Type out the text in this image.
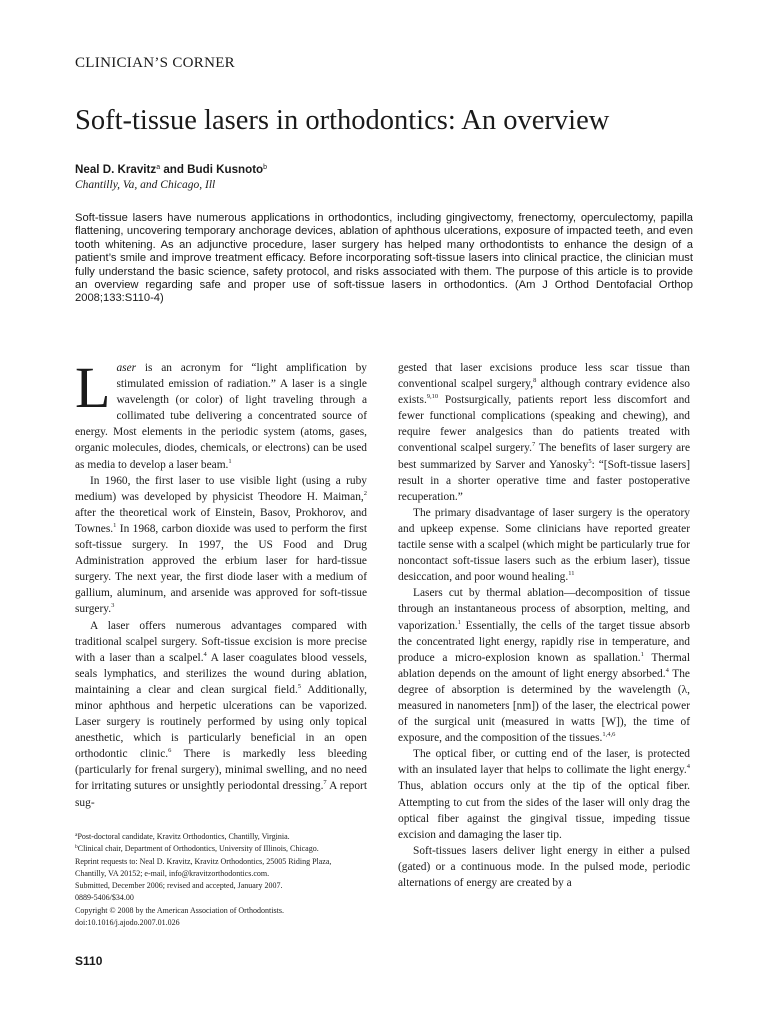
CLINICIAN’S CORNER
Soft-tissue lasers in orthodontics: An overview
Neal D. Kravitz$^a$ and Budi Kusnoto$^b$
Chantilly, Va, and Chicago, Ill

Soft-tissue lasers have numerous applications in orthodontics, including gingivectomy, frenectomy, operculectomy, papilla flattening, uncovering temporary anchorage devices, ablation of aphthous ulcerations, exposure of impacted teeth, and even tooth whitening. As an adjunctive procedure, laser surgery has helped many orthodontists to enhance the design of a patient’s smile and improve treatment efficacy. Before incorporating soft-tissue lasers into clinical practice, the clinician must fully understand the basic science, safety protocol, and risks associated with them. The purpose of this article is to provide an overview regarding safe and proper use of soft-tissue lasers in orthodontics. (Am J Orthod Dentofacial Orthop 2008;133:S110-4)

Laser is an acronym for “light amplification by stimulated emission of radiation.” A laser is a single wavelength (or color) of light traveling through a collimated tube delivering a concentrated source of energy. Most elements in the periodic system (atoms, gases, organic molecules, diodes, chemicals, or electrons) can be used as media to develop a laser beam.$^1$

In 1960, the first laser to use visible light (using a ruby medium) was developed by physicist Theodore H. Maiman,$^2$ after the theoretical work of Einstein, Basov, Prokhorov, and Townes.$^1$ In 1968, carbon dioxide was used to perform the first soft-tissue surgery. In 1997, the US Food and Drug Administration approved the erbium laser for hard-tissue surgery. The next year, the first diode laser with a medium of gallium, aluminum, and arsenide was approved for soft-tissue surgery.$^3$

A laser offers numerous advantages compared with traditional scalpel surgery. Soft-tissue excision is more precise with a laser than a scalpel.$^4$ A laser coagulates blood vessels, seals lymphatics, and sterilizes the wound during ablation, maintaining a clear and clean surgical field.$^5$ Additionally, minor aphthous and herpetic ulcerations can be vaporized. Laser surgery is routinely performed by using only topical anesthetic, which is particularly beneficial in an open orthodontic clinic.$^6$ There is markedly less bleeding (particularly for frenal surgery), minimal swelling, and no need for irritating sutures or unsightly periodontal dressing.$^7$ A report sug-

gested that laser excisions produce less scar tissue than conventional scalpel surgery,$^8$ although contrary evidence also exists.$^{9,10}$ Postsurgically, patients report less discomfort and fewer functional complications (speaking and chewing), and require fewer analgesics than do patients treated with conventional scalpel surgery.$^7$ The benefits of laser surgery are best summarized by Sarver and Yanosky$^5$: “[Soft-tissue lasers] result in a shorter operative time and faster postoperative recuperation.”

The primary disadvantage of laser surgery is the operatory and upkeep expense. Some clinicians have reported greater tactile sense with a scalpel (which might be particularly true for noncontact soft-tissue lasers such as the erbium laser), tissue desiccation, and poor wound healing.$^{11}$

Lasers cut by thermal ablation—decomposition of tissue through an instantaneous process of absorption, melting, and vaporization.$^1$ Essentially, the cells of the target tissue absorb the concentrated light energy, rapidly rise in temperature, and produce a micro-explosion known as spallation.$^1$ Thermal ablation depends on the amount of light energy absorbed.$^4$ The degree of absorption is determined by the wavelength (λ, measured in nanometers [nm]) of the laser, the electrical power of the surgical unit (measured in watts [W]), the time of exposure, and the composition of the tissues.$^{1,4,6}$

The optical fiber, or cutting end of the laser, is protected with an insulated layer that helps to collimate the light energy.$^4$ Thus, ablation occurs only at the tip of the optical fiber. Attempting to cut from the sides of the laser will only drag the optical fiber against the gingival tissue, impeding tissue excision and damaging the laser tip.

Soft-tissues lasers deliver light energy in either a pulsed (gated) or a continuous mode. In the pulsed mode, periodic alternations of energy are created by a

$^a$Post-doctoral candidate, Kravitz Orthodontics, Chantilly, Virginia.
$^b$Clinical chair, Department of Orthodontics, University of Illinois, Chicago.
Reprint requests to: Neal D. Kravitz, Kravitz Orthodontics, 25005 Riding Plaza,
Chantilly, VA 20152; e-mail, info@kravitzorthodontics.com.
Submitted, December 2006; revised and accepted, January 2007.
0889-5406/$34.00
Copyright © 2008 by the American Association of Orthodontists.
doi:10.1016/j.ajodo.2007.01.026
S110
